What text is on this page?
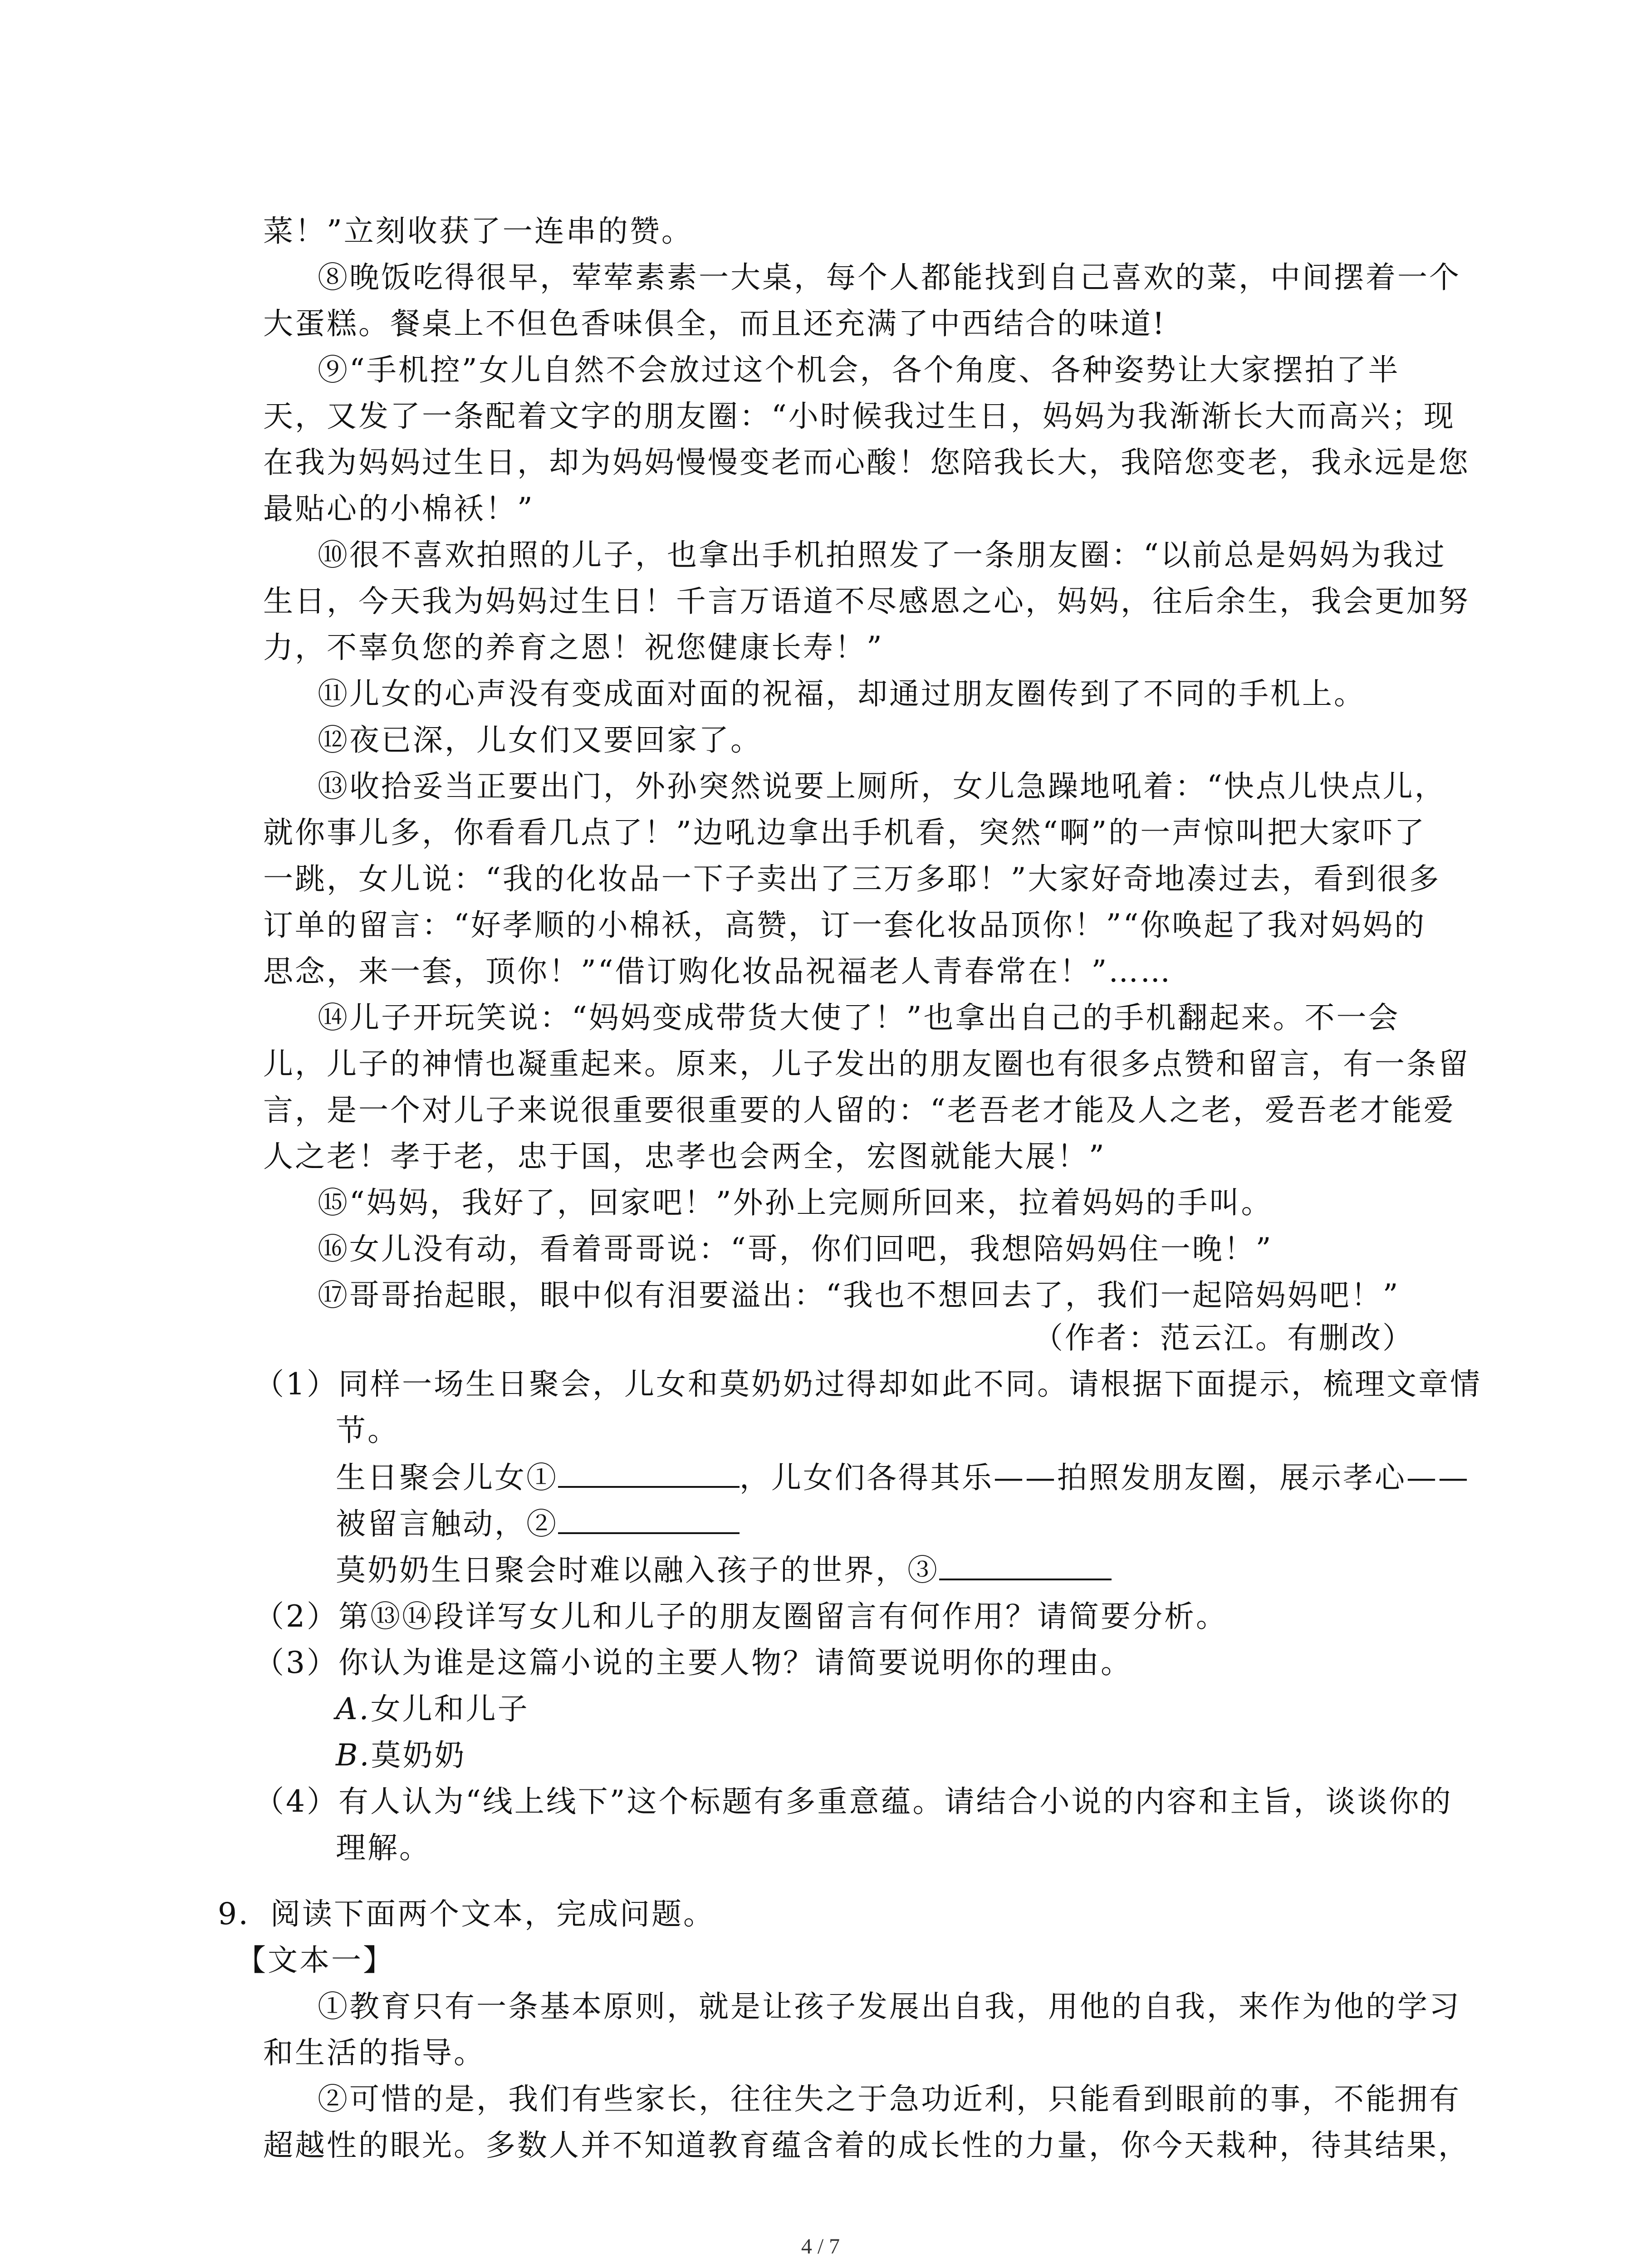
菜！”立刻收获了一连串的赞。
⑧晚饭吃得很早，荤荤素素一大桌，每个人都能找到自己喜欢的菜，中间摆着一个
大蛋糕。餐桌上不但色香味俱全，而且还充满了中西结合的味道!
⑨“手机控”女儿自然不会放过这个机会，各个角度、各种姿势让大家摆拍了半
天，又发了一条配着文字的朋友圈：“小时候我过生日，妈妈为我渐渐长大而高兴；现
在我为妈妈过生日，却为妈妈慢慢变老而心酸！您陪我长大，我陪您变老，我永远是您
最贴心的小棉袄！”
⑩很不喜欢拍照的儿子，也拿出手机拍照发了一条朋友圈：“以前总是妈妈为我过
生日，今天我为妈妈过生日！千言万语道不尽感恩之心，妈妈，往后余生，我会更加努
力，不辜负您的养育之恩！祝您健康长寿！”
⑪儿女的心声没有变成面对面的祝福，却通过朋友圈传到了不同的手机上。
⑫夜已深，儿女们又要回家了。
⑬收拾妥当正要出门，外孙突然说要上厕所，女儿急躁地吼着：“快点儿快点儿，
就你事儿多，你看看几点了！”边吼边拿出手机看，突然“啊”的一声惊叫把大家吓了
一跳，女儿说：“我的化妆品一下子卖出了三万多耶！”大家好奇地凑过去，看到很多
订单的留言：“好孝顺的小棉袄，高赞，订一套化妆品顶你！”“你唤起了我对妈妈的
思念，来一套，顶你！”“借订购化妆品祝福老人青春常在！”……
⑭儿子开玩笑说：“妈妈变成带货大使了！”也拿出自己的手机翻起来。不一会
儿，儿子的神情也凝重起来。原来，儿子发出的朋友圈也有很多点赞和留言，有一条留
言，是一个对儿子来说很重要很重要的人留的：“老吾老才能及人之老，爱吾老才能爱
人之老！孝于老，忠于国，忠孝也会两全，宏图就能大展！”
⑮“妈妈，我好了，回家吧！”外孙上完厕所回来，拉着妈妈的手叫。
⑯女儿没有动，看着哥哥说：“哥，你们回吧，我想陪妈妈住一晚！”
⑰哥哥抬起眼，眼中似有泪要溢出：“我也不想回去了，我们一起陪妈妈吧！”
（作者：范云江。有删改）
（1）同样一场生日聚会，儿女和莫奶奶过得却如此不同。请根据下面提示，梳理文章情
节。
生日聚会儿女①	，儿女们各得其乐——拍照发朋友圈，展示孝心——
被留言触动，②
莫奶奶生日聚会时难以融入孩子的世界，③
（2）第⑬⑭段详写女儿和儿子的朋友圈留言有何作用？请简要分析。
（3）你认为谁是这篇小说的主要人物？请简要说明你的理由。
A.女儿和儿子
B.莫奶奶
（4）有人认为“线上线下”这个标题有多重意蕴。请结合小说的内容和主旨，谈谈你的
理解。
9．阅读下面两个文本，完成问题。
【文本一】
①教育只有一条基本原则，就是让孩子发展出自我，用他的自我，来作为他的学习
和生活的指导。
②可惜的是，我们有些家长，往往失之于急功近利，只能看到眼前的事，不能拥有
超越性的眼光。多数人并不知道教育蕴含着的成长性的力量，你今天栽种，待其结果，
4 / 7
